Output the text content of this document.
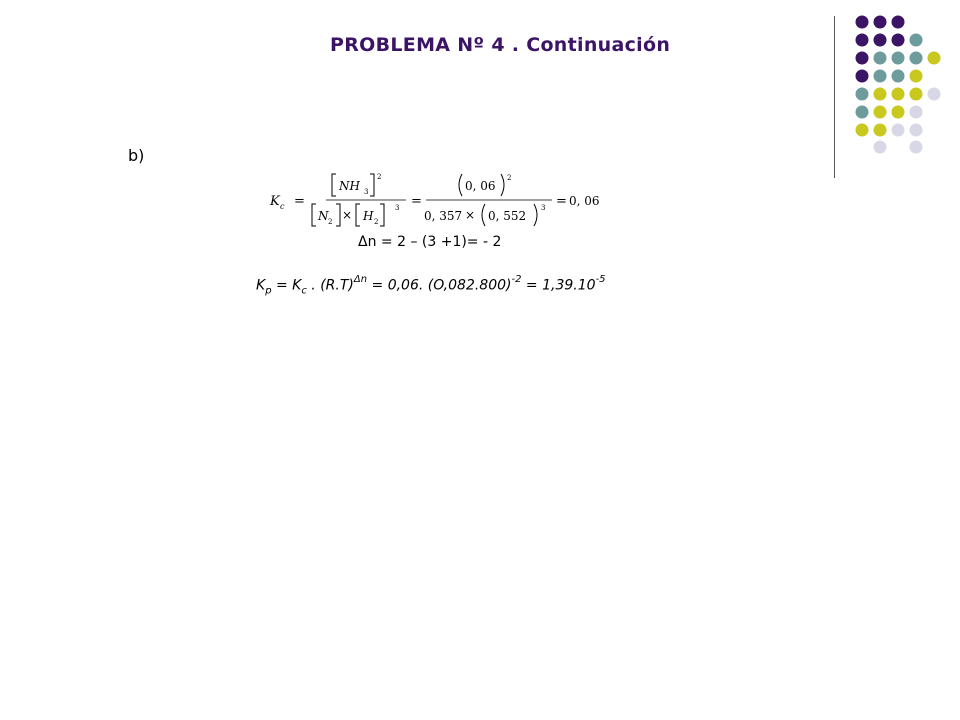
PROBLEMA Nº 4 . Continuación
b)
K c =
NH 3
2
N 2 × H 2
3 =
0, 06
2
0, 357 × 0, 552
3 = 0, 06
Δn = 2 – (3 +1)= - 2
$K_p = K_c$ . $(R.T)^{\Delta n} = 0,06$. $(O,082.800)^{-2} = 1,39.10^{-5}$
